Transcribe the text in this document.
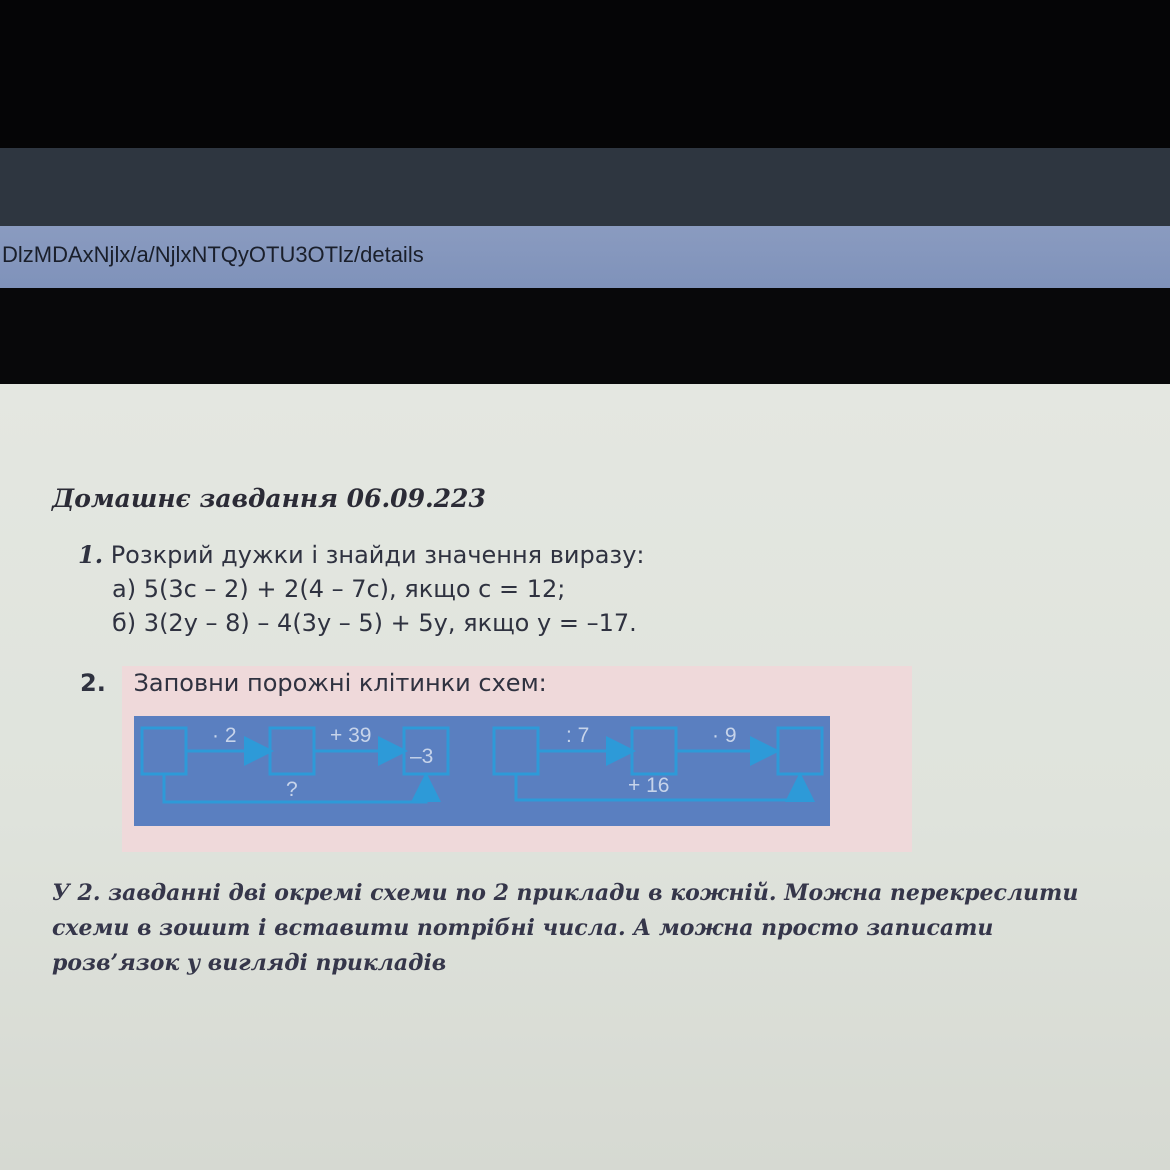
DlzMDAxNjlx/a/NjlxNTQyOTU3OTlz/details
Домашнє завдання 06.09.223
1. Розкрий дужки і знайди значення виразу:
а) 5(3с – 2) + 2(4 – 7с), якщо с = 12;
б) 3(2у – 8) – 4(3у – 5) + 5у, якщо у = –17.
2. Заповни порожні клітинки схем:
· 2	+ 39
–3
?
: 7	· 9
+ 16
У 2. завданні дві окремі схеми по 2 приклади в кожній. Можна перекреслити
схеми в зошит і вставити потрібні числа. А можна просто записати
розв’язок у вигляді прикладів
